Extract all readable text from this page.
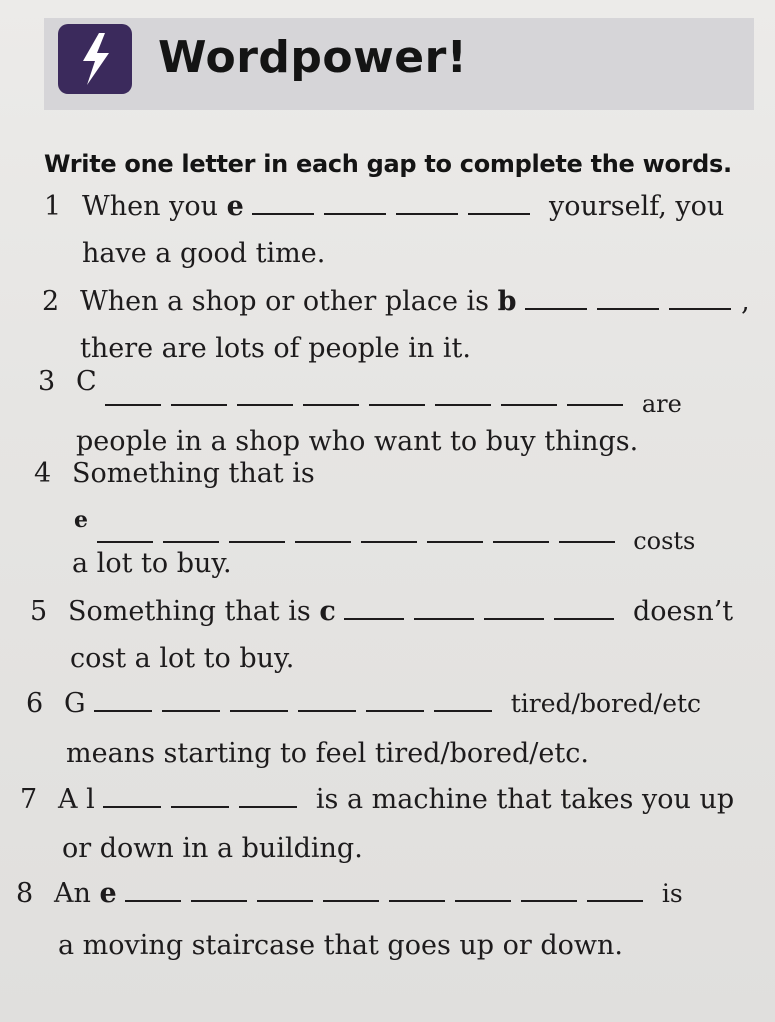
Wordpower!
Write one letter in each gap to complete the words.
1 When you e	yourself, you
have a good time.
2 When a shop or other place is b	,
there are lots of people in it.
3 C  are
people in a shop who want to buy things.
4 Something that is
e  costs
a lot to buy.
5 Something that is c	doesn’t
cost a lot to buy.
6 G	tired/bored/etc
means starting to feel tired/bored/etc.
7 A l	is a machine that takes you up
or down in a building.
8 An e	is
a moving staircase that goes up or down.
